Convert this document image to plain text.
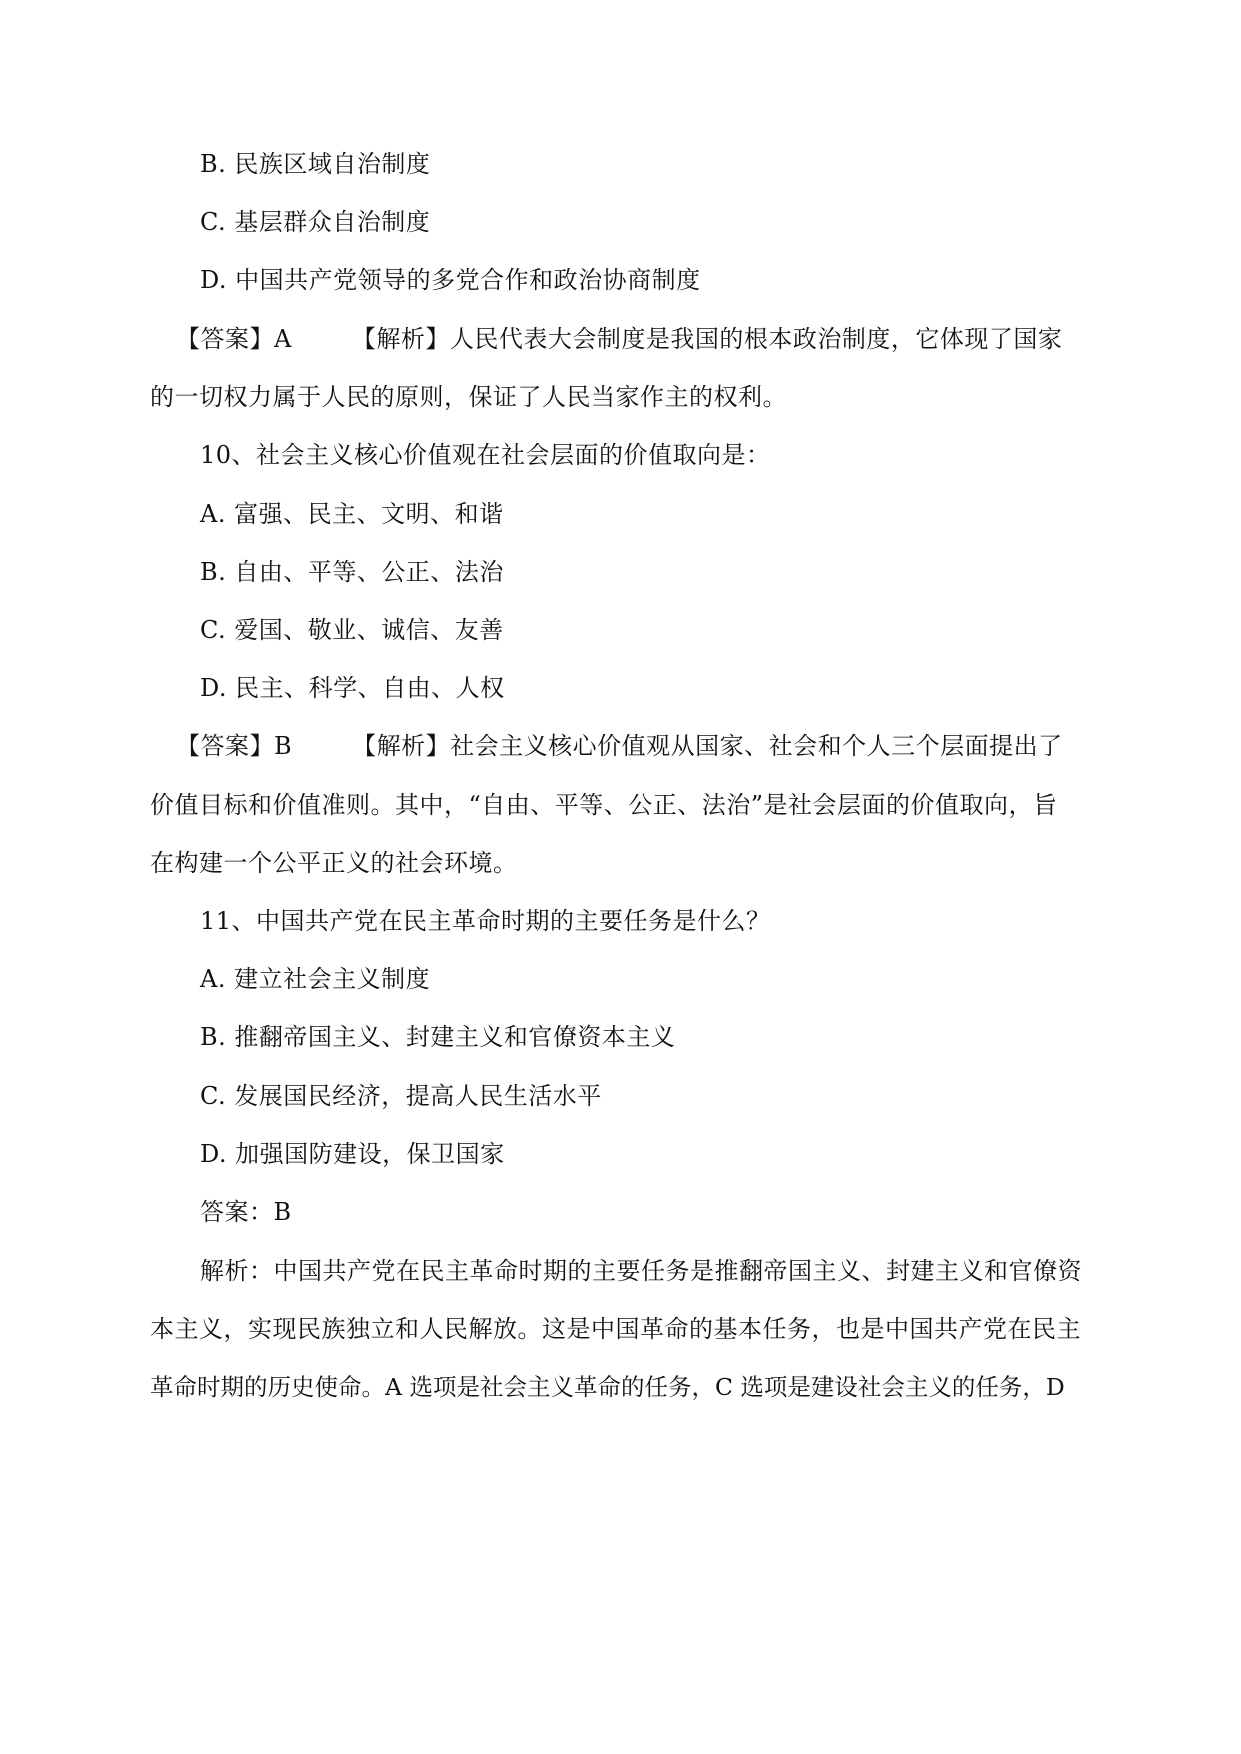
B. 民族区域自治制度
C. 基层群众自治制度
D. 中国共产党领导的多党合作和政治协商制度
【答案】A	【解析】人民代表大会制度是我国的根本政治制度，它体现了国家
的一切权力属于人民的原则，保证了人民当家作主的权利。
10、社会主义核心价值观在社会层面的价值取向是：
A. 富强、民主、文明、和谐
B. 自由、平等、公正、法治
C. 爱国、敬业、诚信、友善
D. 民主、科学、自由、人权
【答案】B	【解析】社会主义核心价值观从国家、社会和个人三个层面提出了
价值目标和价值准则。其中，“自由、平等、公正、法治”是社会层面的价值取向，旨
在构建一个公平正义的社会环境。
11、中国共产党在民主革命时期的主要任务是什么？
A. 建立社会主义制度
B. 推翻帝国主义、封建主义和官僚资本主义
C. 发展国民经济，提高人民生活水平
D. 加强国防建设，保卫国家
答案：B
解析：中国共产党在民主革命时期的主要任务是推翻帝国主义、封建主义和官僚资
本主义，实现民族独立和人民解放。这是中国革命的基本任务，也是中国共产党在民主
革命时期的历史使命。A 选项是社会主义革命的任务，C 选项是建设社会主义的任务，D
